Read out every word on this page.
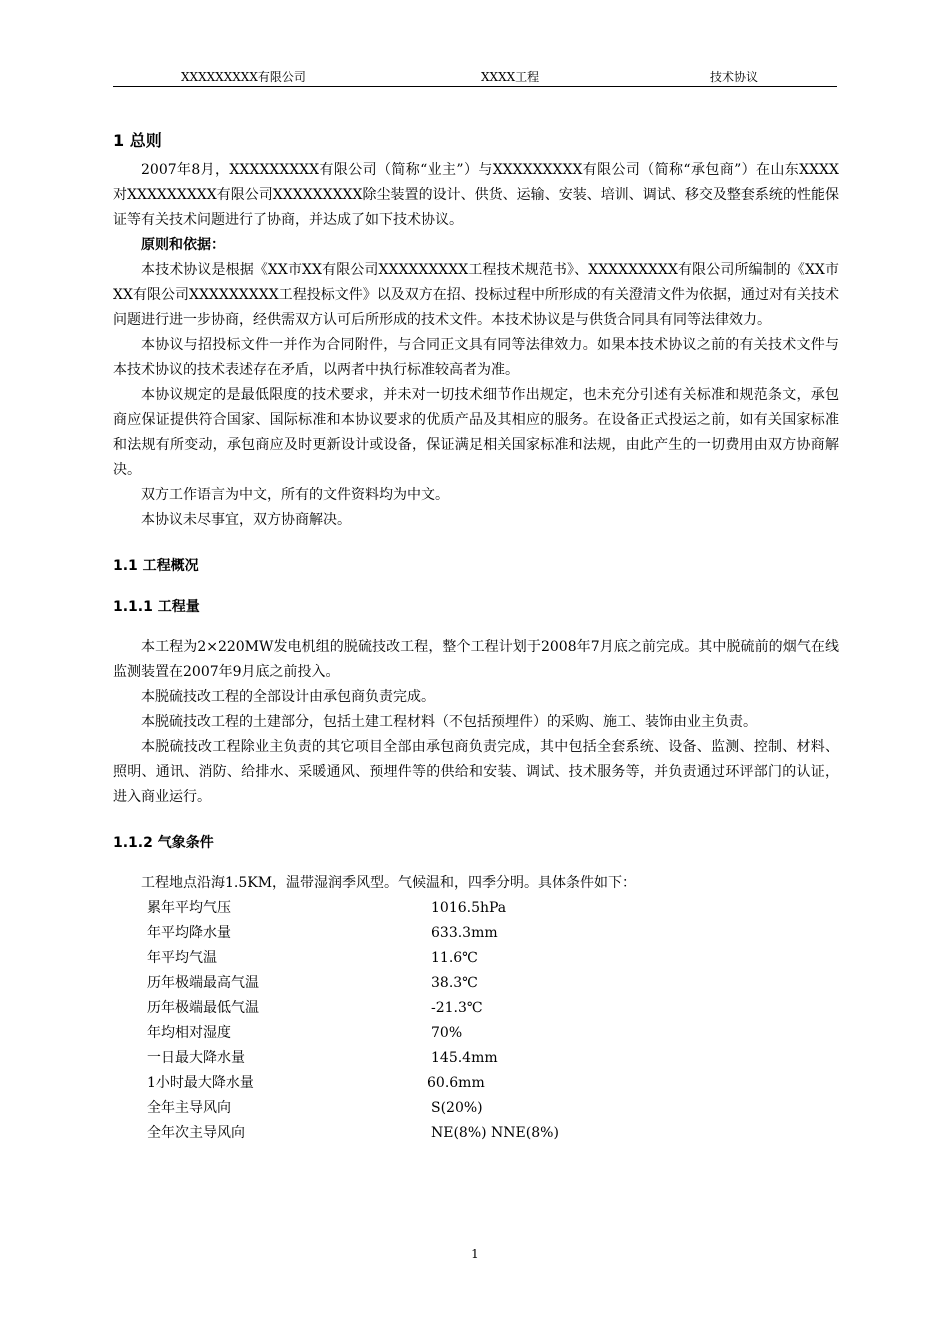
XXXXXXXXX有限公司	XXXX工程	技术协议
1 总则

2007年8月，XXXXXXXXX有限公司（简称“业主”）与XXXXXXXXX有限公司（简称“承包商”）在山东XXXX对XXXXXXXXX有限公司XXXXXXXXX除尘装置的设计、供货、运输、安装、培训、调试、移交及整套系统的性能保证等有关技术问题进行了协商，并达成了如下技术协议。

原则和依据：

本技术协议是根据《XX市XX有限公司XXXXXXXXX工程技术规范书》、XXXXXXXXX有限公司所编制的《XX市XX有限公司XXXXXXXXX工程投标文件》以及双方在招、投标过程中所形成的有关澄清文件为依据，通过对有关技术问题进行进一步协商，经供需双方认可后所形成的技术文件。本技术协议是与供货合同具有同等法律效力。

本协议与招投标文件一并作为合同附件，与合同正文具有同等法律效力。如果本技术协议之前的有关技术文件与本技术协议的技术表述存在矛盾，以两者中执行标准较高者为准。

本协议规定的是最低限度的技术要求，并未对一切技术细节作出规定，也未充分引述有关标准和规范条文，承包商应保证提供符合国家、国际标准和本协议要求的优质产品及其相应的服务。在设备正式投运之前，如有关国家标准和法规有所变动，承包商应及时更新设计或设备，保证满足相关国家标准和法规，由此产生的一切费用由双方协商解决。

双方工作语言为中文，所有的文件资料均为中文。

本协议未尽事宜，双方协商解决。

1.1 工程概况
1.1.1 工程量

本工程为2×220MW发电机组的脱硫技改工程，整个工程计划于2008年7月底之前完成。其中脱硫前的烟气在线监测装置在2007年9月底之前投入。

本脱硫技改工程的全部设计由承包商负责完成。

本脱硫技改工程的土建部分，包括土建工程材料（不包括预埋件）的采购、施工、装饰由业主负责。

本脱硫技改工程除业主负责的其它项目全部由承包商负责完成，其中包括全套系统、设备、监测、控制、材料、照明、通讯、消防、给排水、采暖通风、预埋件等的供给和安装、调试、技术服务等，并负责通过环评部门的认证，进入商业运行。

1.1.2 气象条件

工程地点沿海1.5KM，温带湿润季风型。气候温和，四季分明。具体条件如下：

累年平均气压	1016.5hPa
年平均降水量	633.3mm
年平均气温	11.6℃
历年极端最高气温	38.3℃
历年极端最低气温	-21.3℃
年均相对湿度	70%
一日最大降水量	145.4mm
1小时最大降水量	60.6mm
全年主导风向	S(20%)
全年次主导风向	NE(8%) NNE(8%)
1
